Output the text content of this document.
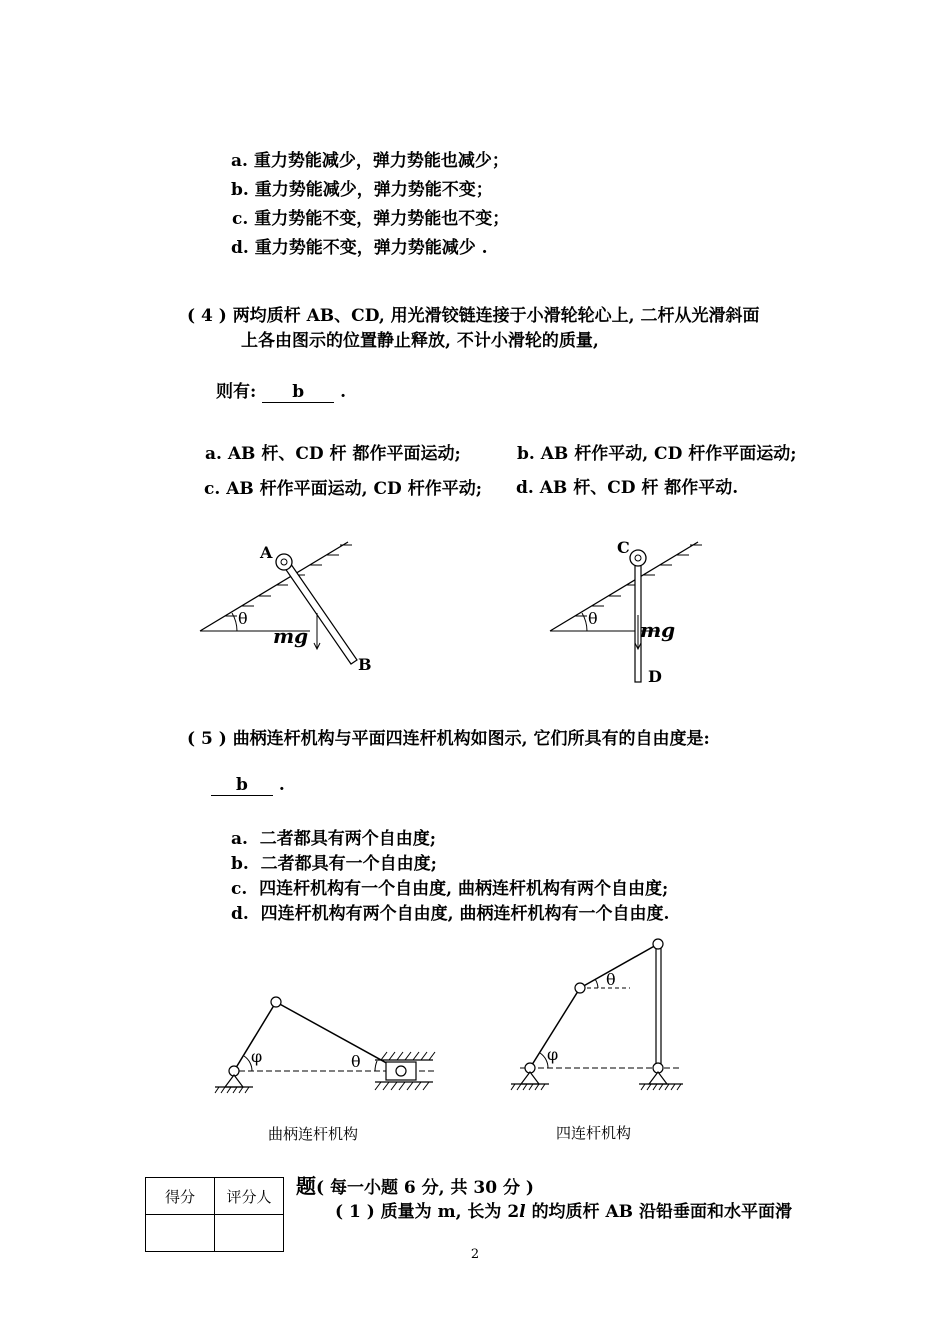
a. 重力势能减少，弹力势能也减少；
b. 重力势能减少，弹力势能不变；
c. 重力势能不变，弹力势能也不变；
d. 重力势能不变，弹力势能减少 .
( 4 ) 两均质杆 AB、CD, 用光滑铰链连接于小滑轮轮心上, 二杆从光滑斜面
上各由图示的位置静止释放, 不计小滑轮的质量,
则有: b .
a. AB 杆、CD 杆 都作平面运动;	b. AB 杆作平动, CD 杆作平面运动;
c. AB 杆作平面运动, CD 杆作平动; d. AB 杆、CD 杆 都作平动.
θ
A
B
mg
θ
C
D
mg
( 5 ) 曲柄连杆机构与平面四连杆机构如图示, 它们所具有的自由度是:
b .
a. 二者都具有两个自由度;
b. 二者都具有一个自由度;
c. 四连杆机构有一个自由度, 曲柄连杆机构有两个自由度;
d. 四连杆机构有两个自由度, 曲柄连杆机构有一个自由度.
φ	θ
曲柄连杆机构
φ
θ
四连杆机构
题( 每一小题 6 分, 共 30 分 )
( 1 ) 质量为 m, 长为 2l 的均质杆 AB 沿铅垂面和水平面滑
得分	评分人

2
